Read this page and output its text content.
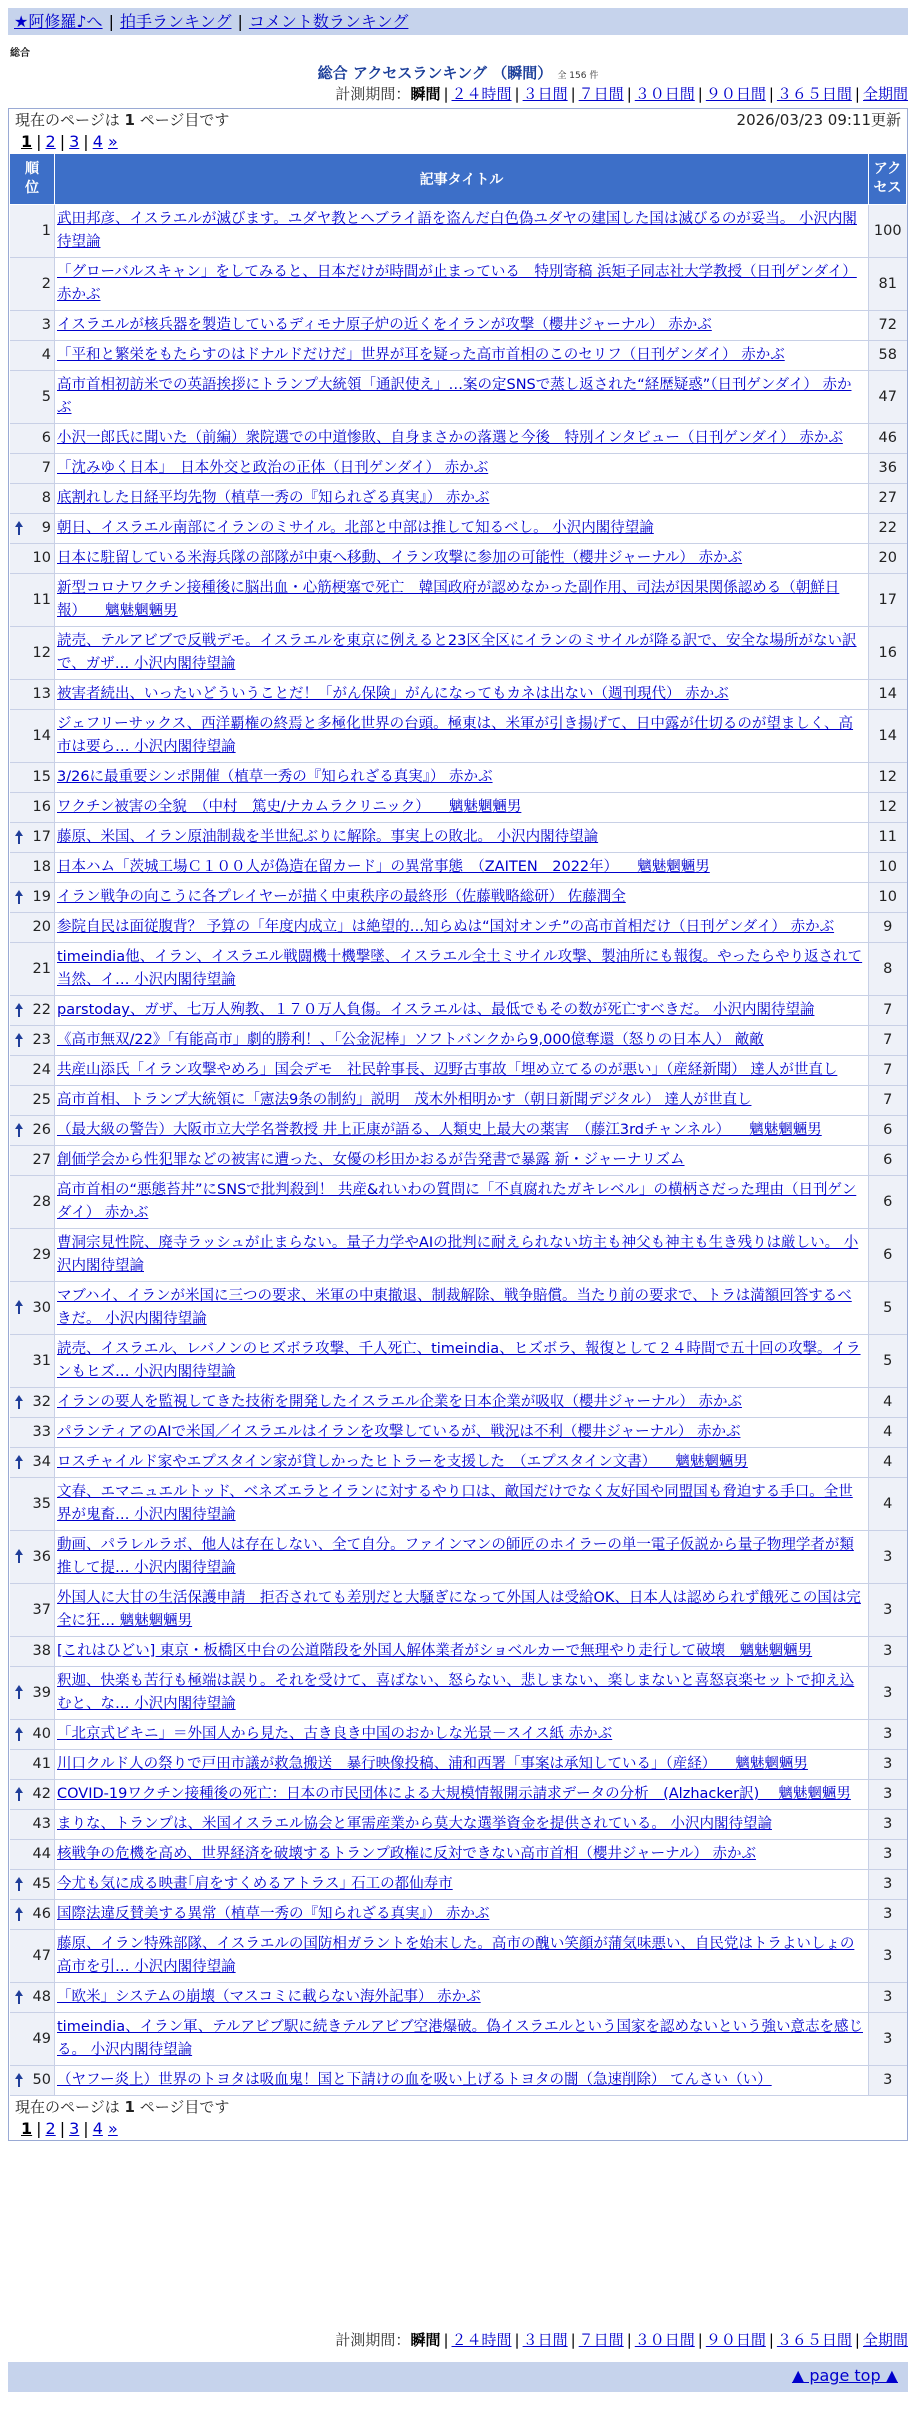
★阿修羅♪へ | 拍手ランキング | コメント数ランキング
総合
総合 アクセスランキング （瞬間） 全 156 件
計測期間：瞬間 | ２４時間 | ３日間 | ７日間 | ３０日間 | ９０日間 | ３６５日間 | 全期間
現在のページは 1 ページ目です	2026/03/23 09:11更新
1 | 2 | 3 | 4 »
順位	記事タイトル	アクセス
1	武田邦彦、イスラエルが滅びます。ユダヤ教とヘブライ語を盗んだ白色偽ユダヤの建国した国は滅びるのが妥当。 小沢内閣待望論	100
2	「グローバルスキャン」をしてみると、日本だけが時間が止まっている　特別寄稿 浜矩子同志社大学教授（日刊ゲンダイ） 赤かぶ	81
3	イスラエルが核兵器を製造しているディモナ原子炉の近くをイランが攻撃（櫻井ジャーナル） 赤かぶ	72
4	「平和と繁栄をもたらすのはドナルドだけだ」世界が耳を疑った高市首相のこのセリフ（日刊ゲンダイ） 赤かぶ	58
5	高市首相初訪米での英語挨拶にトランプ大統領「通訳使え」…案の定SNSで蒸し返された“経歴疑惑”（日刊ゲンダイ） 赤かぶ	47
6	小沢一郎氏に聞いた（前編）衆院選での中道惨敗、自身まさかの落選と今後　特別インタビュー（日刊ゲンダイ） 赤かぶ	46
7	「沈みゆく日本」　日本外交と政治の正体（日刊ゲンダイ） 赤かぶ	36
8	底割れした日経平均先物（植草一秀の『知られざる真実』） 赤かぶ	27

9	朝日、イスラエル南部にイランのミサイル。北部と中部は推して知るべし。 小沢内閣待望論	22
10	日本に駐留している米海兵隊の部隊が中東へ移動、イラン攻撃に参加の可能性（櫻井ジャーナル） 赤かぶ	20
11	新型コロナワクチン接種後に脳出血・心筋梗塞で死亡　韓国政府が認めなかった副作用、司法が因果関係認める（朝鮮日報） 　魑魅魍魎男	17
12	読売、テルアビブで反戦デモ。イスラエルを東京に例えると23区全区にイランのミサイルが降る訳で、安全な場所がない訳で、ガザ… 小沢内閣待望論	16
13	被害者続出、いったいどういうことだ！「がん保険」がんになってもカネは出ない（週刊現代） 赤かぶ	14
14	ジェフリーサックス、西洋覇権の終焉と多極化世界の台頭。極東は、米軍が引き揚げて、日中露が仕切るのが望ましく、高市は要ら… 小沢内閣待望論	14
15	3/26に最重要シンポ開催（植草一秀の『知られざる真実』） 赤かぶ	12
16	ワクチン被害の全貌　（中村　篤史/ナカムラクリニック） 　魑魅魍魎男	12

17	藤原、米国、イラン原油制裁を半世紀ぶりに解除。事実上の敗北。 小沢内閣待望論	11
18	日本ハム「茨城工場Ｃ１００人が偽造在留カード」の異常事態　（ZAITEN　2022年） 　魑魅魍魎男	10

19	イラン戦争の向こうに各プレイヤーが描く中東秩序の最終形（佐藤戦略総研） 佐藤潤全	10
20	参院自民は面従腹背？ 予算の「年度内成立」は絶望的…知らぬは“国対オンチ”の高市首相だけ（日刊ゲンダイ） 赤かぶ	9
21	timeindia他、イラン、イスラエル戦闘機十機撃墜、イスラエル全土ミサイル攻撃、製油所にも報復。やったらやり返されて当然、イ… 小沢内閣待望論	8

22	parstoday、ガザ、七万人殉教、１７０万人負傷。イスラエルは、最低でもその数が死亡すべきだ。 小沢内閣待望論	7

23	《高市無双/22》「有能高市」劇的勝利！、「公金泥棒」ソフトバンクから9,000億奪還（怒りの日本人） 敵敵	7
24	共産山添氏「イラン攻撃やめろ」国会デモ　社民幹事長、辺野古事故「埋め立てるのが悪い」（産経新聞） 達人が世直し	7
25	高市首相、トランプ大統領に「憲法9条の制約」説明　茂木外相明かす（朝日新聞デジタル） 達人が世直し	7

26	（最大級の警告）大阪市立大学名誉教授 井上正康が語る、人類史上最大の薬害　（藤江3rdチャンネル） 　魑魅魍魎男	6
27	創価学会から性犯罪などの被害に遭った、女優の杉田かおるが告発書で暴露 新・ジャーナリズム	6
28	高市首相の“悪態苔丼”にSNSで批判殺到！ 共産&れいわの質問に「不貞腐れたガキレベル」の横柄さだった理由（日刊ゲンダイ） 赤かぶ	6
29	曹洞宗見性院、廃寺ラッシュが止まらない。量子力学やAIの批判に耐えられない坊主も神父も神主も生き残りは厳しい。 小沢内閣待望論	6

30	マブハイ、イランが米国に三つの要求、米軍の中東撤退、制裁解除、戦争賠償。当たり前の要求で、トラは満額回答するべきだ。 小沢内閣待望論	5
31	読売、イスラエル、レバノンのヒズボラ攻撃、千人死亡、timeindia、ヒズボラ、報復として２４時間で五十回の攻撃。イランもヒズ… 小沢内閣待望論	5

32	イランの要人を監視してきた技術を開発したイスラエル企業を日本企業が吸収（櫻井ジャーナル） 赤かぶ	4
33	パランティアのAIで米国／イスラエルはイランを攻撃しているが、戦況は不利（櫻井ジャーナル） 赤かぶ	4

34	ロスチャイルド家やエプスタイン家が貸しかったヒトラーを支援した　（エプスタイン文書） 　魑魅魍魎男	4
35	文春、エマニュエルトッド、ベネズエラとイランに対するやり口は、敵国だけでなく友好国や同盟国も脅迫する手口。全世界が鬼畜… 小沢内閣待望論	4

36	動画、パラレルラボ、他人は存在しない、全て自分。ファインマンの師匠のホイラーの単一電子仮説から量子物理学者が類推して提… 小沢内閣待望論	3
37	外国人に大甘の生活保護申請　拒否されても差別だと大騒ぎになって外国人は受給OK、日本人は認められず餓死この国は完全に狂… 魑魅魍魎男	3
38	[これはひどい] 東京・板橋区中台の公道階段を外国人解体業者がショベルカーで無理やり走行して破壊　魑魅魍魎男	3

39	釈迦、快楽も苦行も極端は誤り。それを受けて、喜ばない、怒らない、悲しまない、楽しまないと喜怒哀楽セットで抑え込むと、な… 小沢内閣待望論	3

40	「北京式ビキニ」＝外国人から見た、古き良き中国のおかしな光景－スイス紙 赤かぶ	3
41	川口クルド人の祭りで戸田市議が救急搬送　暴行映像投稿、浦和西署「事案は承知している」（産経） 　魑魅魍魎男	3

42	COVID-19ワクチン接種後の死亡：日本の市民団体による大規模情報開示請求データの分析　(Alzhacker訳) 　魑魅魍魎男	3
43	まりな、トランプは、米国イスラエル協会と軍需産業から莫大な選挙資金を提供されている。 小沢内閣待望論	3
44	核戦争の危機を高め、世界経済を破壊するトランプ政権に反対できない高市首相（櫻井ジャーナル） 赤かぶ	3

45	今尤も気に成る映畫｢肩をすくめるアトラス｣ 石工の都仙寿市	3

46	国際法違反賛美する異常（植草一秀の『知られざる真実』） 赤かぶ	3
47	藤原、イラン特殊部隊、イスラエルの国防相ガラントを始末した。高市の醜い笑顔が蒲気味悪い、自民党はトラよいしょの高市を引… 小沢内閣待望論	3

48	「欧米」システムの崩壊（マスコミに載らない海外記事） 赤かぶ	3
49	timeindia、イラン軍、テルアビブ駅に続きテルアビブ空港爆破。偽イスラエルという国家を認めないという強い意志を感じる。 小沢内閣待望論	3

50	（ヤフー炎上）世界のトヨタは吸血鬼！国と下請けの血を吸い上げるトヨタの闇（急速削除） てんさい（い）	3
現在のページは 1 ページ目です
1 | 2 | 3 | 4 »
計測期間：瞬間 | ２４時間 | ３日間 | ７日間 | ３０日間 | ９０日間 | ３６５日間 | 全期間
▲ page top ▲
